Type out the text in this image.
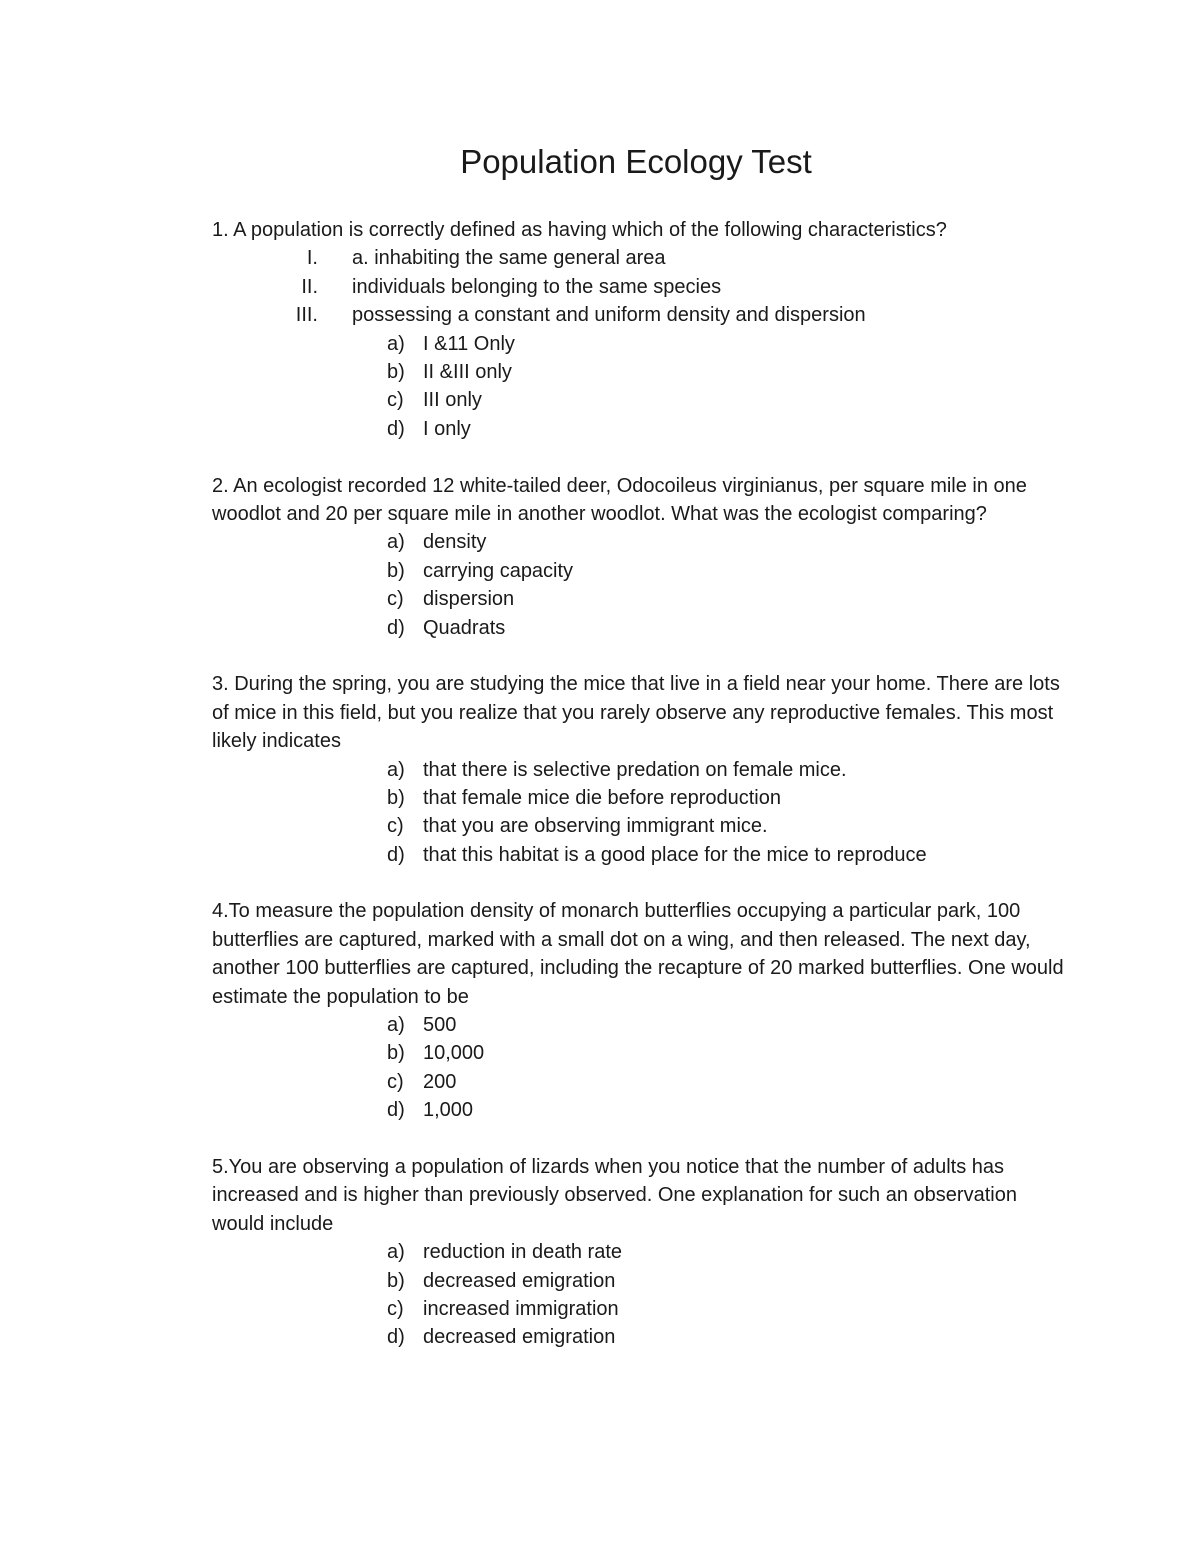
Population Ecology Test

1. A population is correctly defined as having which of the following characteristics?

I. a. inhabiting the same general area
II. individuals belonging to the same species
III. possessing a constant and uniform density and dispersion
a) I &11 Only
b) II &III only
c) III only
d) I only

2. An ecologist recorded 12 white-tailed deer, Odocoileus virginianus, per square mile in one woodlot and 20 per square mile in another woodlot. What was the ecologist comparing?

a) density
b) carrying capacity
c) dispersion
d) Quadrats

3. During the spring, you are studying the mice that live in a field near your home. There are lots of mice in this field, but you realize that you rarely observe any reproductive females. This most likely indicates

a) that there is selective predation on female mice.
b) that female mice die before reproduction
c) that you are observing immigrant mice.
d) that this habitat is a good place for the mice to reproduce

4.To measure the population density of monarch butterflies occupying a particular park, 100 butterflies are captured, marked with a small dot on a wing, and then released. The next day, another 100 butterflies are captured, including the recapture of 20 marked butterflies. One would estimate the population to be

a) 500
b) 10,000
c) 200
d) 1,000

5.You are observing a population of lizards when you notice that the number of adults has increased and is higher than previously observed. One explanation for such an observation would include

a) reduction in death rate
b) decreased emigration
c) increased immigration
d) decreased emigration
